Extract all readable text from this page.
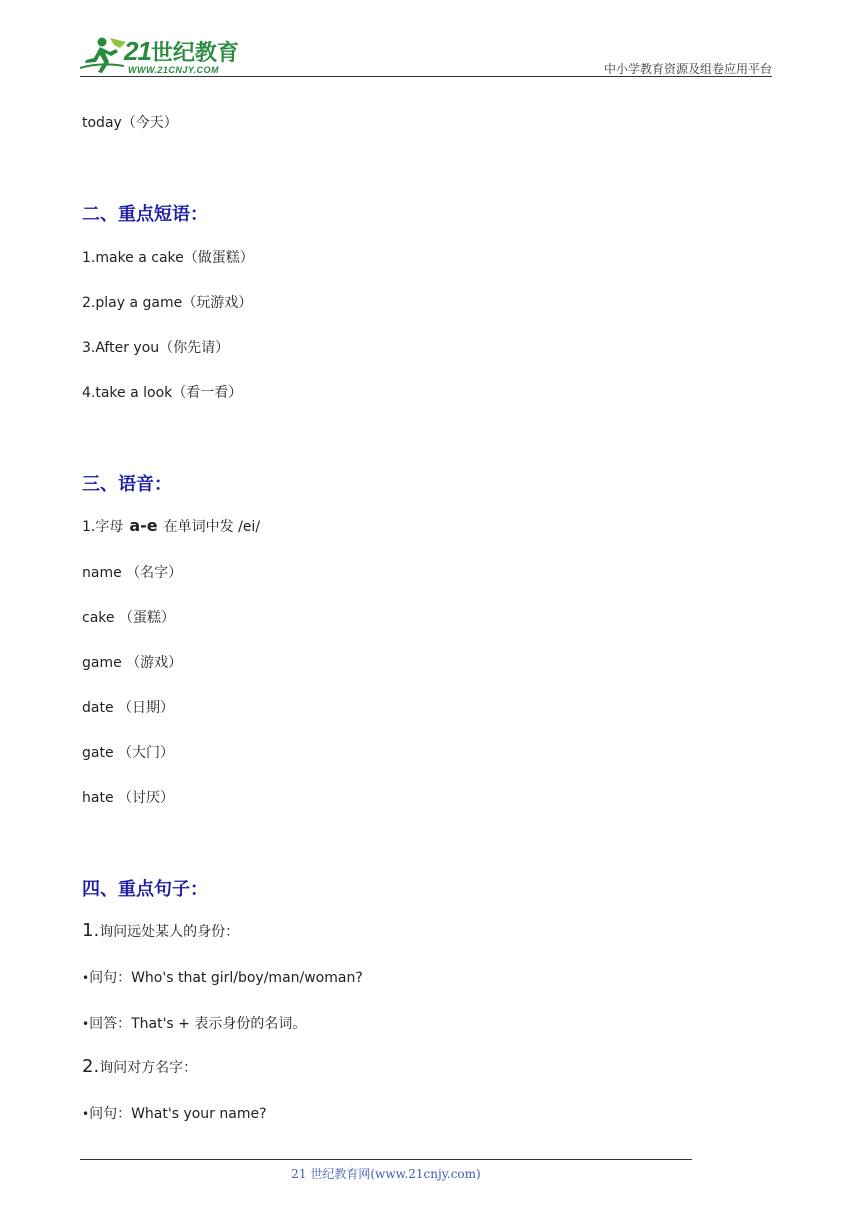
21世纪教育
WWW.21CNJY.COM	中小学教育资源及组卷应用平台
today（今天）
二、重点短语：
1.make a cake（做蛋糕）
2.play a game（玩游戏）
3.After you（你先请）
4.take a look（看一看）
三、语音：
1.字母 a-e 在单词中发 /ei/
name （名字）
cake （蛋糕）
game （游戏）
date （日期）
gate （大门）
hate （讨厌）
四、重点句子：
1.询问远处某人的身份：
•问句：Who's that girl/boy/man/woman?
•回答：That's + 表示身份的名词。
2.询问对方名字：
•问句：What's your name?
21 世纪教育网(www.21cnjy.com)
